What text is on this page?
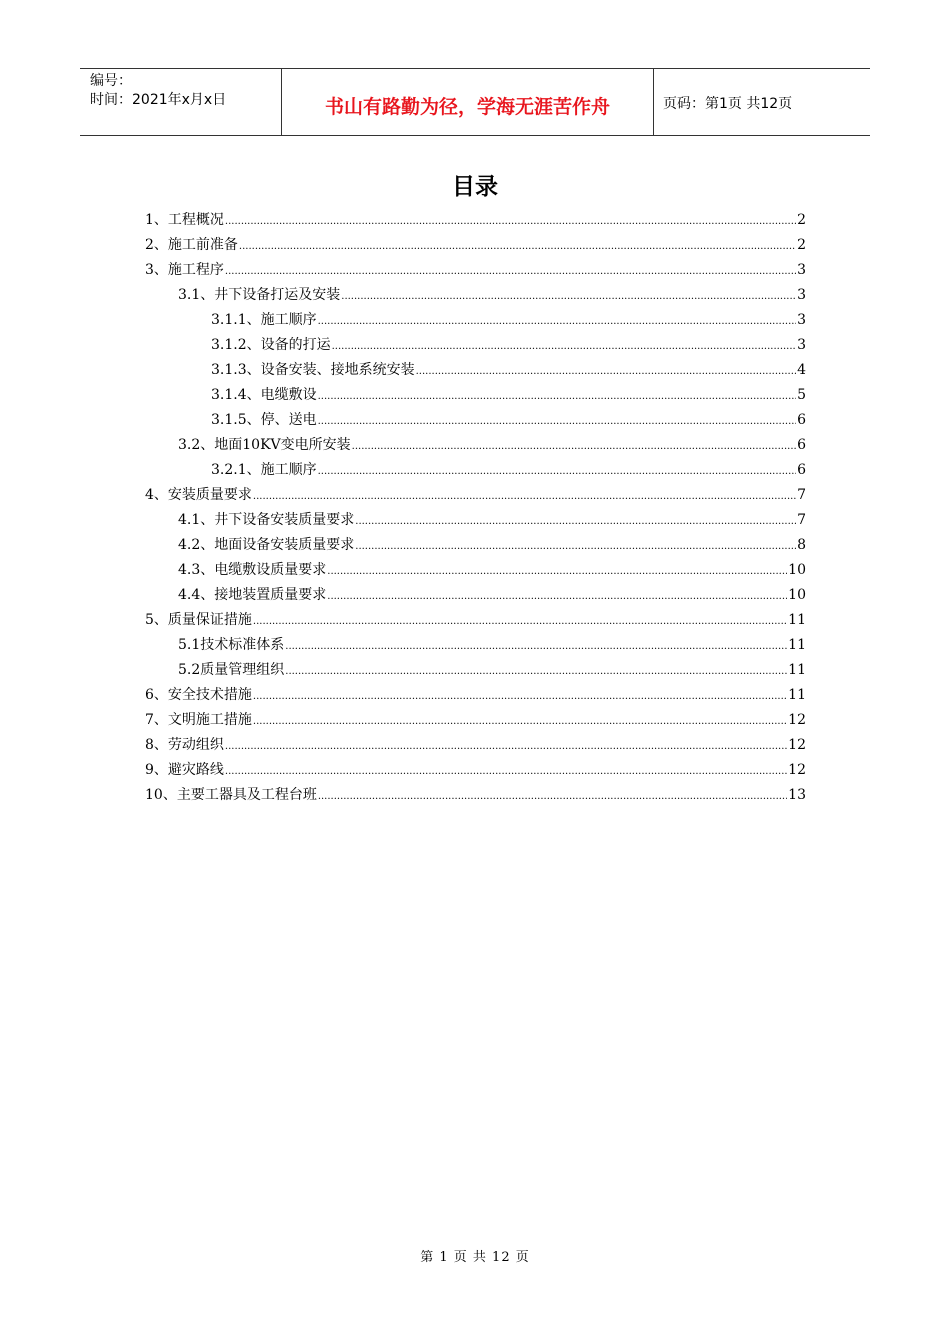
编号：
时间：2021年x月x日	书山有路勤为径，学海无涯苦作舟	页码：第1页 共12页
目录
1、工程概况 .....	2
2、施工前准备 .....	2
3、施工程序 .....	3
3.1、井下设备打运及安装 .....	3
3.1.1、施工顺序 .....	3
3.1.2、设备的打运 .....	3
3.1.3、设备安装、接地系统安装 .....	4
3.1.4、电缆敷设 .....	5
3.1.5、停、送电 .....	6
3.2、地面10KV变电所安装 .....	6
3.2.1、施工顺序 .....	6
4、安装质量要求 .....	7
4.1、井下设备安装质量要求 .....	7
4.2、地面设备安装质量要求 .....	8
4.3、电缆敷设质量要求 .....	10
4.4、接地装置质量要求 .....	10
5、质量保证措施 .....	11
5.1技术标准体系 .....	11
5.2质量管理组织 .....	11
6、安全技术措施 .....	11
7、文明施工措施 .....	12
8、劳动组织 .....	12
9、避灾路线 .....	12
10、主要工器具及工程台班 .....	13
第 1 页 共 12 页
